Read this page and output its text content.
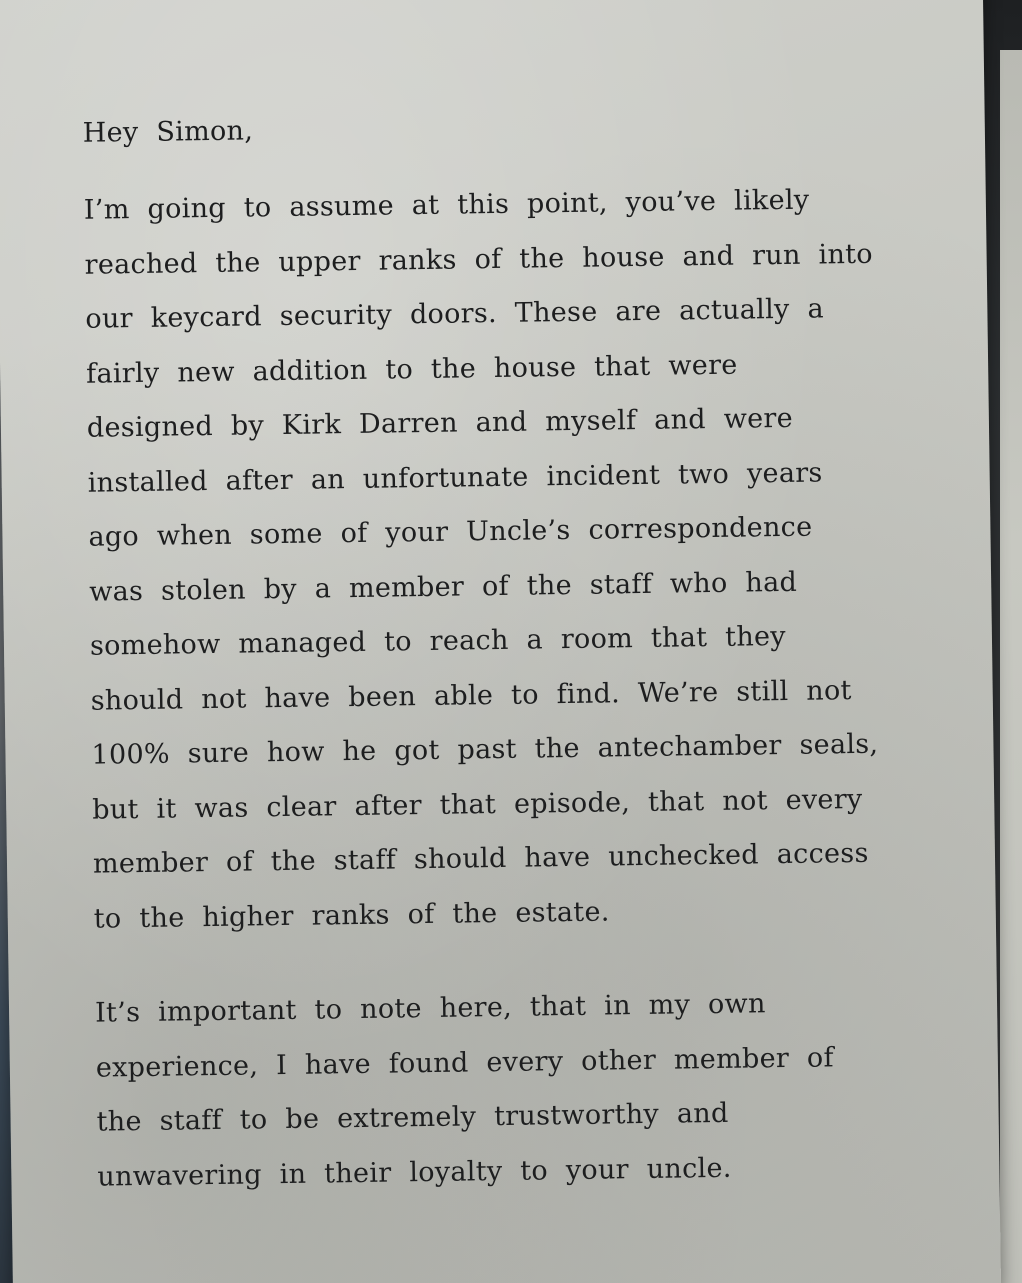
Hey Simon,

I’m going to assume at this point, you’ve likely reached the upper ranks of the house and run into our keycard security doors. These are actually a fairly new addition to the house that were designed by Kirk Darren and myself and were installed after an unfortunate incident two years ago when some of your Uncle’s correspondence was stolen by a member of the staff who had somehow managed to reach a room that they should not have been able to find. We’re still not 100% sure how he got past the antechamber seals, but it was clear after that episode, that not every member of the staff should have unchecked access to the higher ranks of the estate.

It’s important to note here, that in my own experience, I have found every other member of the staff to be extremely trustworthy and unwavering in their loyalty to your uncle.
